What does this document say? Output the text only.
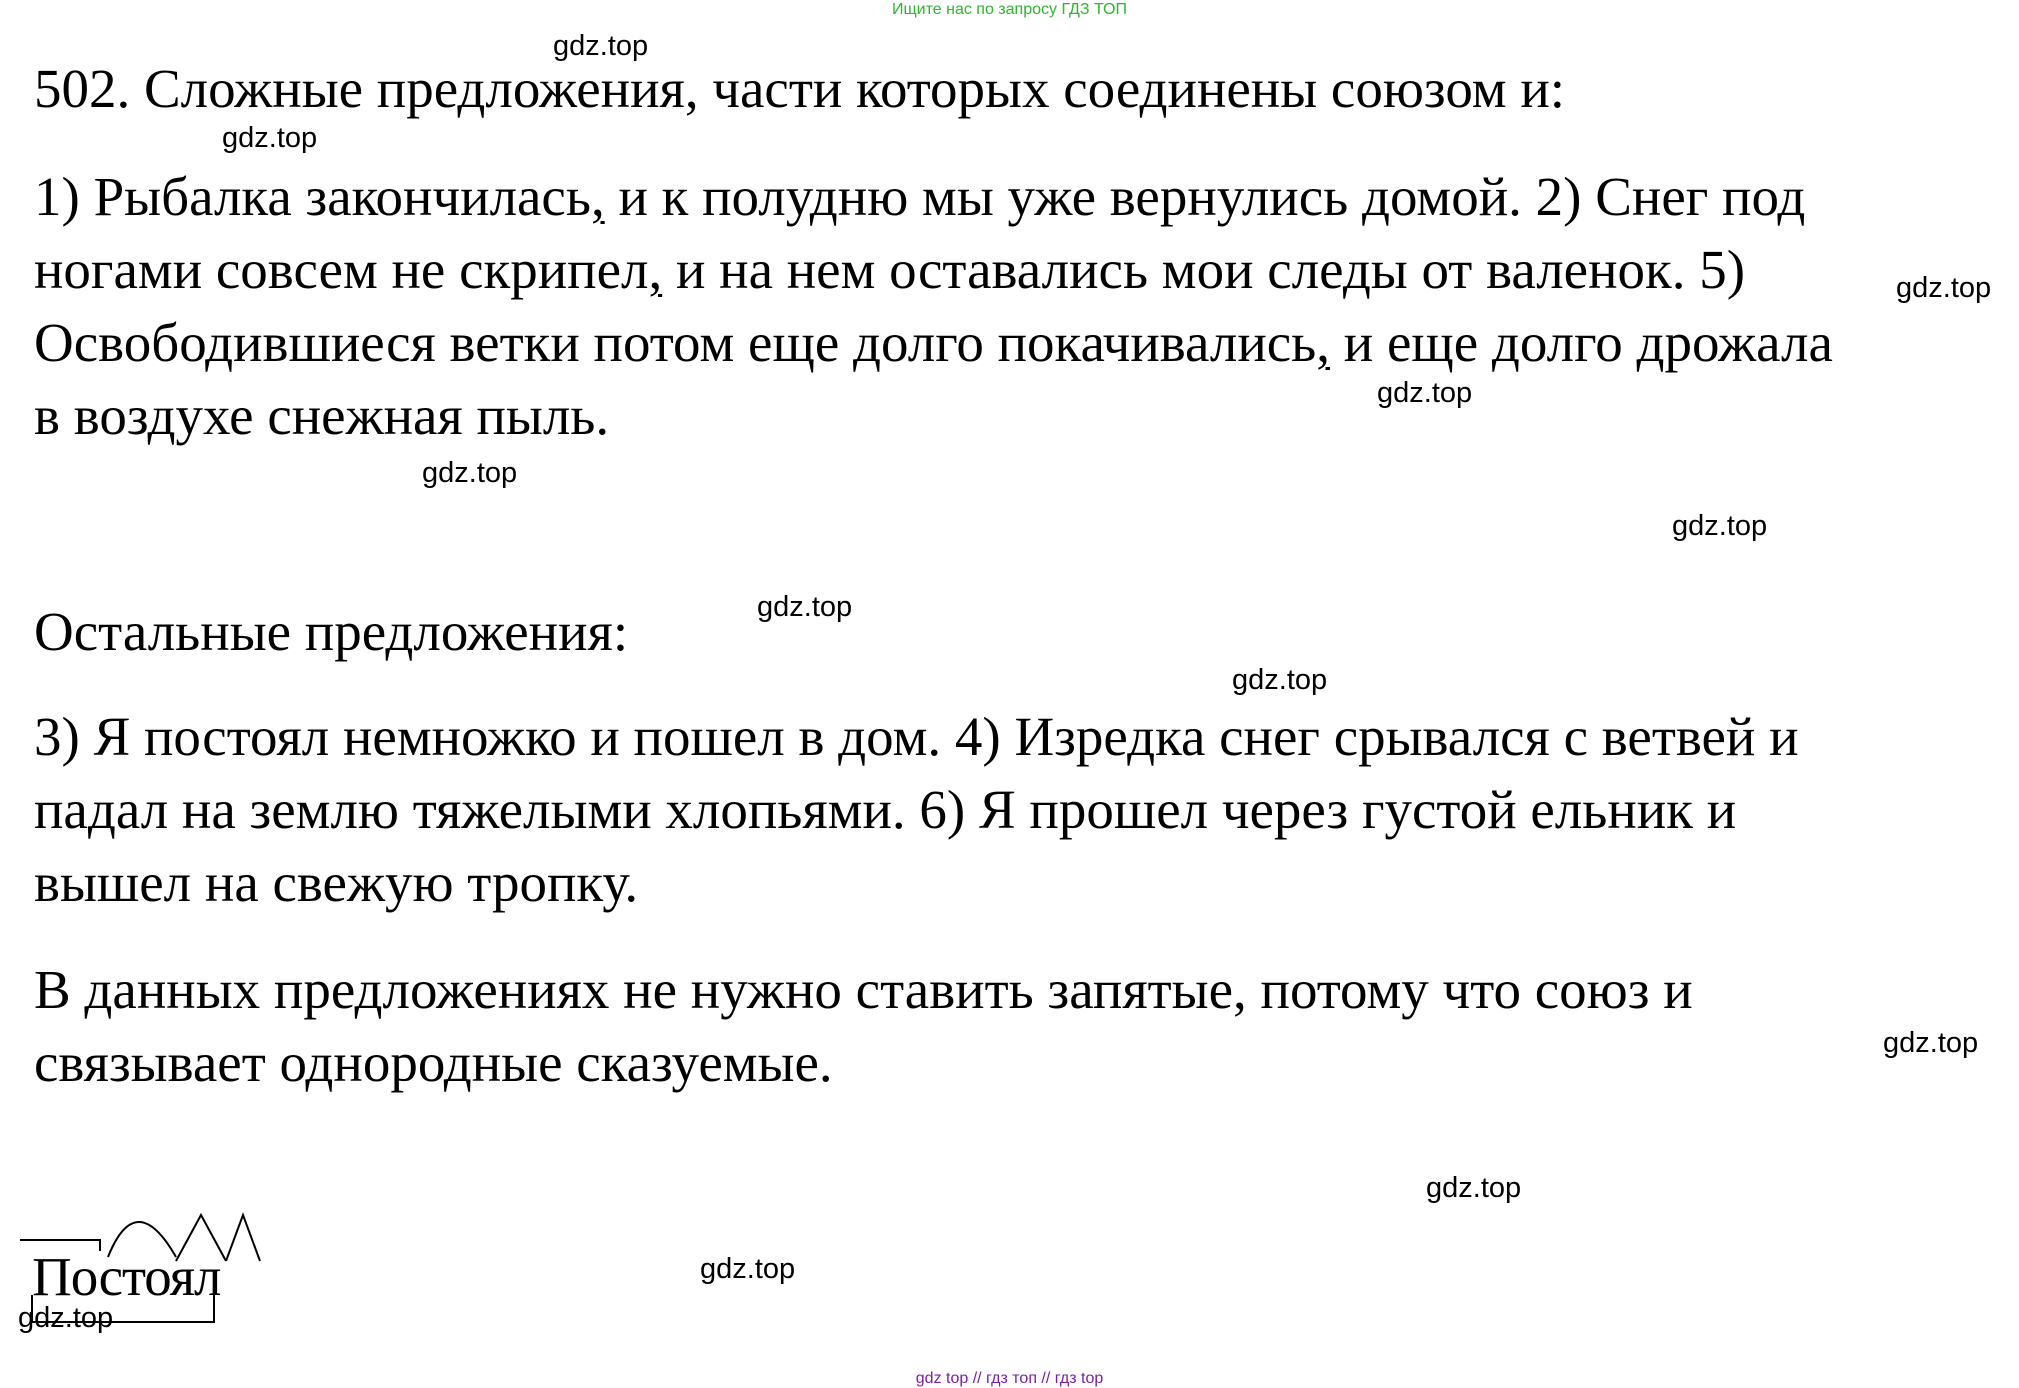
Ищите нас по запросу ГДЗ ТОП
502. Сложные предложения, части которых соединены союзом и:
1) Рыбалка закончилась, и к полудню мы уже вернулись домой. 2) Снег под
ногами совсем не скрипел, и на нем оставались мои следы от валенок. 5)
Освободившиеся ветки потом еще долго покачивались, и еще долго дрожала
в воздухе снежная пыль.
Остальные предложения:
3) Я постоял немножко и пошел в дом. 4) Изредка снег срывался с ветвей и
падал на землю тяжелыми хлопьями. 6) Я прошел через густой ельник и
вышел на свежую тропку.
В данных предложениях не нужно ставить запятые, потому что союз и
связывает однородные сказуемые.
Постоял
gdz.top
gdz.top
gdz.top
gdz.top
gdz.top
gdz.top
gdz.top
gdz.top
gdz.top
gdz.top
gdz.top
gdz.top
gdz top // гдз топ // гдз top
